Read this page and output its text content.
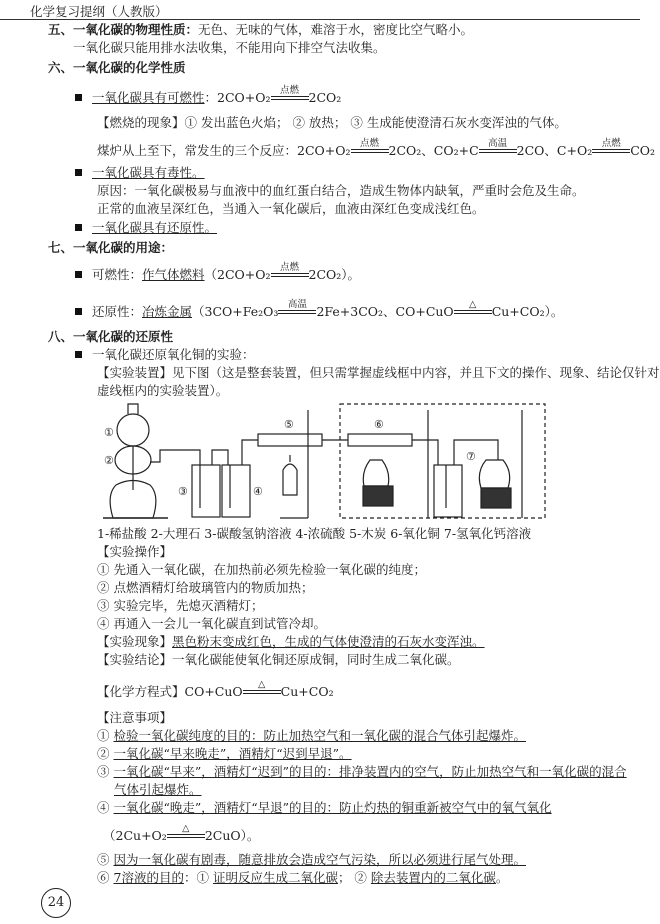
化学复习提纲（人教版）
五、一氧化碳的物理性质：无色、无味的气体，难溶于水，密度比空气略小。
一氧化碳只能用排水法收集，不能用向下排空气法收集。
六、一氧化碳的化学性质
一氧化碳具有可燃性：2CO+O₂ 点燃 2CO₂
【燃烧的现象】① 发出蓝色火焰； ② 放热； ③ 生成能使澄清石灰水变浑浊的气体。
煤炉从上至下，常发生的三个反应：2CO+O₂ 点燃 2CO₂、CO₂+C 高温 2CO、C+O₂ 点燃 CO₂
一氧化碳具有毒性。
原因：一氧化碳极易与血液中的血红蛋白结合，造成生物体内缺氧，严重时会危及生命。
正常的血液呈深红色，当通入一氧化碳后，血液由深红色变成浅红色。
一氧化碳具有还原性。
七、一氧化碳的用途：
可燃性：作气体燃料（2CO+O₂ 点燃 2CO₂）。
还原性：冶炼金属（3CO+Fe₂O₃ 高温 2Fe+3CO₂、CO+CuO	△	Cu+CO₂）。
八、一氧化碳的还原性
一氧化碳还原氧化铜的实验：
【实验装置】见下图（这是整套装置，但只需掌握虚线框中内容，并且下文的操作、现象、结论仅针对
虚线框内的实验装置）。
①
②
③	④
⑤	⑥
⑦
1-稀盐酸 2-大理石 3-碳酸氢钠溶液 4-浓硫酸 5-木炭 6-氧化铜 7-氢氧化钙溶液
【实验操作】
① 先通入一氧化碳，在加热前必须先检验一氧化碳的纯度；
② 点燃酒精灯给玻璃管内的物质加热；
③ 实验完毕，先熄灭酒精灯；
④ 再通入一会儿一氧化碳直到试管冷却。
【实验现象】黑色粉末变成红色，生成的气体使澄清的石灰水变浑浊。
【实验结论】一氧化碳能使氧化铜还原成铜，同时生成二氧化碳。
【化学方程式】CO+CuO	△	Cu+CO₂
【注意事项】
① 检验一氧化碳纯度的目的：防止加热空气和一氧化碳的混合气体引起爆炸。
② 一氧化碳“早来晚走”，酒精灯“迟到早退”。
③ 一氧化碳“早来”，酒精灯“迟到”的目的：排净装置内的空气，防止加热空气和一氧化碳的混合
气体引起爆炸。
④ 一氧化碳“晚走”，酒精灯“早退”的目的：防止灼热的铜重新被空气中的氧气氧化
（2Cu+O₂	△	2CuO）。
⑤ 因为一氧化碳有剧毒，随意排放会造成空气污染，所以必须进行尾气处理。
⑥ 7溶液的目的：① 证明反应生成二氧化碳； ② 除去装置内的二氧化碳。
24
